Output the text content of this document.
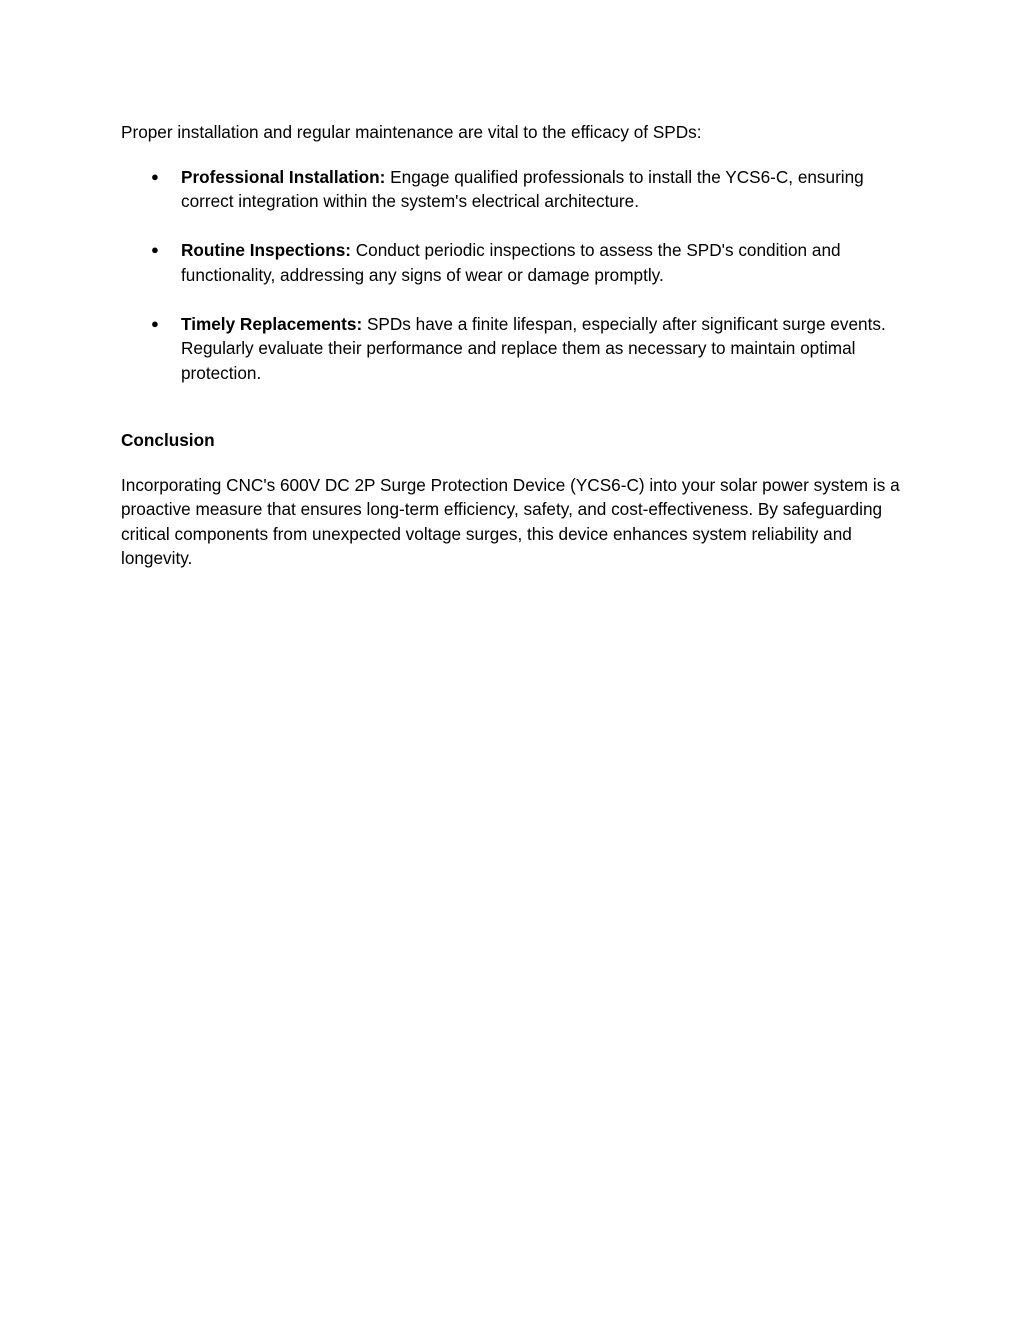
Proper installation and regular maintenance are vital to the efficacy of SPDs:

● Professional Installation: Engage qualified professionals to install the YCS6-C, ensuring correct integration within the system's electrical architecture.
● Routine Inspections: Conduct periodic inspections to assess the SPD's condition and functionality, addressing any signs of wear or damage promptly.
● Timely Replacements: SPDs have a finite lifespan, especially after significant surge events. Regularly evaluate their performance and replace them as necessary to maintain optimal protection.

Conclusion

Incorporating CNC's 600V DC 2P Surge Protection Device (YCS6-C) into your solar power system is a proactive measure that ensures long-term efficiency, safety, and cost-effectiveness. By safeguarding critical components from unexpected voltage surges, this device enhances system reliability and longevity.
